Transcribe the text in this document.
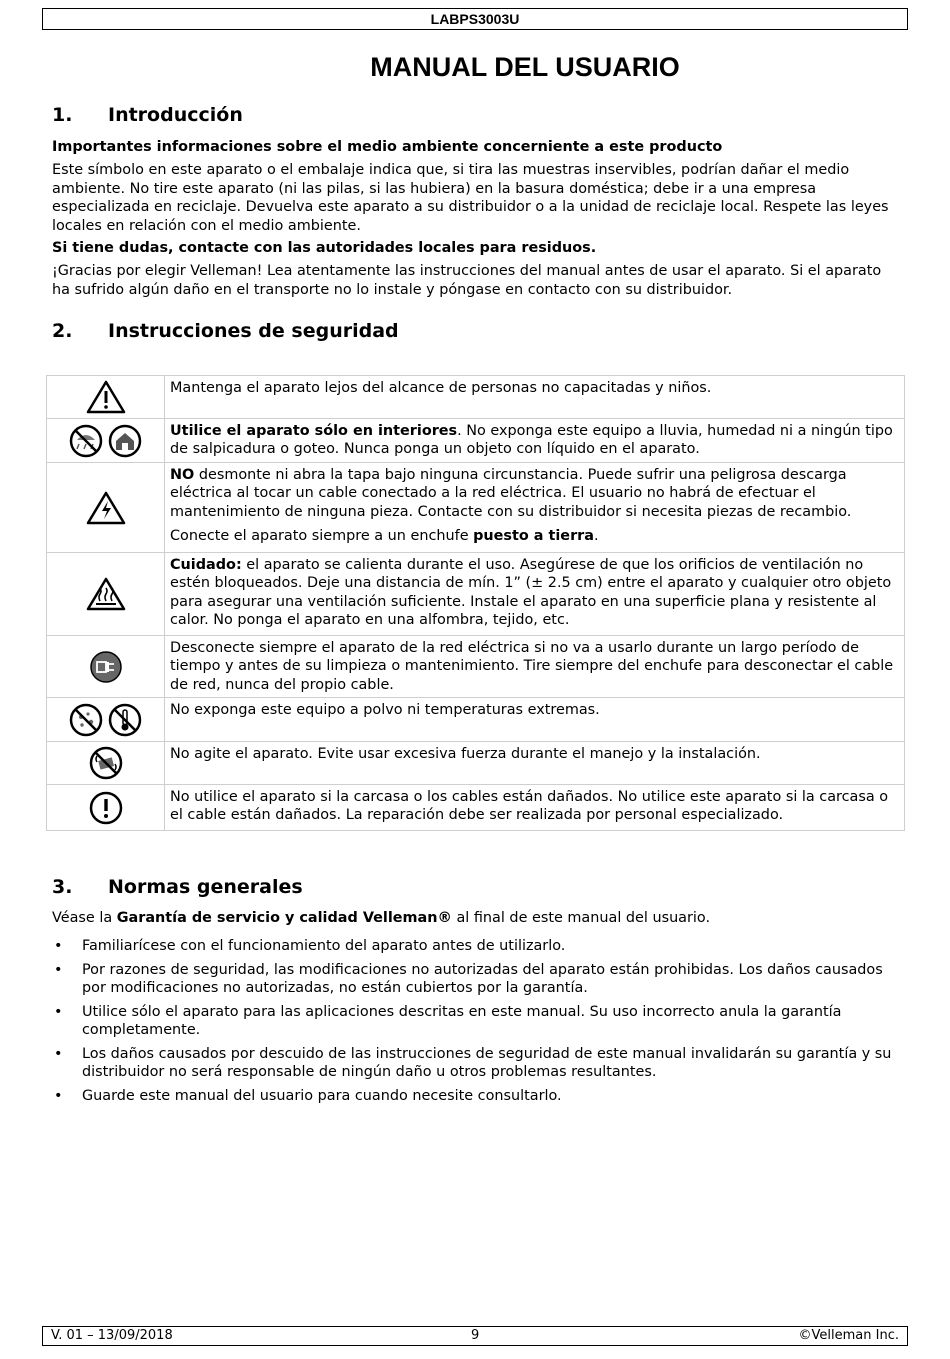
LABPS3003U
MANUAL DEL USUARIO
1. Introducción
Importantes informaciones sobre el medio ambiente concerniente a este producto
Este símbolo en este aparato o el embalaje indica que, si tira las muestras inservibles, podrían dañar el medio ambiente. No tire este aparato (ni las pilas, si las hubiera) en la basura doméstica; debe ir a una empresa especializada en reciclaje. Devuelva este aparato a su distribuidor o a la unidad de reciclaje local. Respete las leyes locales en relación con el medio ambiente.
Si tiene dudas, contacte con las autoridades locales para residuos.
¡Gracias por elegir Velleman! Lea atentamente las instrucciones del manual antes de usar el aparato. Si el aparato ha sufrido algún daño en el transporte no lo instale y póngase en contacto con su distribuidor.
2. Instrucciones de seguridad

Mantenga el aparato lejos del alcance de personas no capacitadas y niños.

Utilice el aparato sólo en interiores. No exponga este equipo a lluvia, humedad ni a ningún tipo de salpicadura o goteo. Nunca ponga un objeto con líquido en el aparato.

NO desmonte ni abra la tapa bajo ninguna circunstancia. Puede sufrir una peligrosa descarga eléctrica al tocar un cable conectado a la red eléctrica. El usuario no habrá de efectuar el mantenimiento de ninguna pieza. Contacte con su distribuidor si necesita piezas de recambio.

Conecte el aparato siempre a un enchufe puesto a tierra.

Cuidado: el aparato se calienta durante el uso. Asegúrese de que los orificios de ventilación no estén bloqueados. Deje una distancia de mín. 1” (± 2.5 cm) entre el aparato y cualquier otro objeto para asegurar una ventilación suficiente. Instale el aparato en una superficie plana y resistente al calor. No ponga el aparato en una alfombra, tejido, etc.

Desconecte siempre el aparato de la red eléctrica si no va a usarlo durante un largo período de tiempo y antes de su limpieza o mantenimiento. Tire siempre del enchufe para desconectar el cable de red, nunca del propio cable.

No exponga este equipo a polvo ni temperaturas extremas.

No agite el aparato. Evite usar excesiva fuerza durante el manejo y la instalación.

No utilice el aparato si la carcasa o los cables están dañados. No utilice este aparato si la carcasa o el cable están dañados. La reparación debe ser realizada por personal especializado.

3. Normas generales
Véase la Garantía de servicio y calidad Velleman® al final de este manual del usuario.
• Familiarícese con el funcionamiento del aparato antes de utilizarlo.
• Por razones de seguridad, las modificaciones no autorizadas del aparato están prohibidas. Los daños causados por modificaciones no autorizadas, no están cubiertos por la garantía.
• Utilice sólo el aparato para las aplicaciones descritas en este manual. Su uso incorrecto anula la garantía completamente.
• Los daños causados por descuido de las instrucciones de seguridad de este manual invalidarán su garantía y su distribuidor no será responsable de ningún daño u otros problemas resultantes.
• Guarde este manual del usuario para cuando necesite consultarlo.
V. 01 – 13/09/2018	9	©Velleman Inc.
